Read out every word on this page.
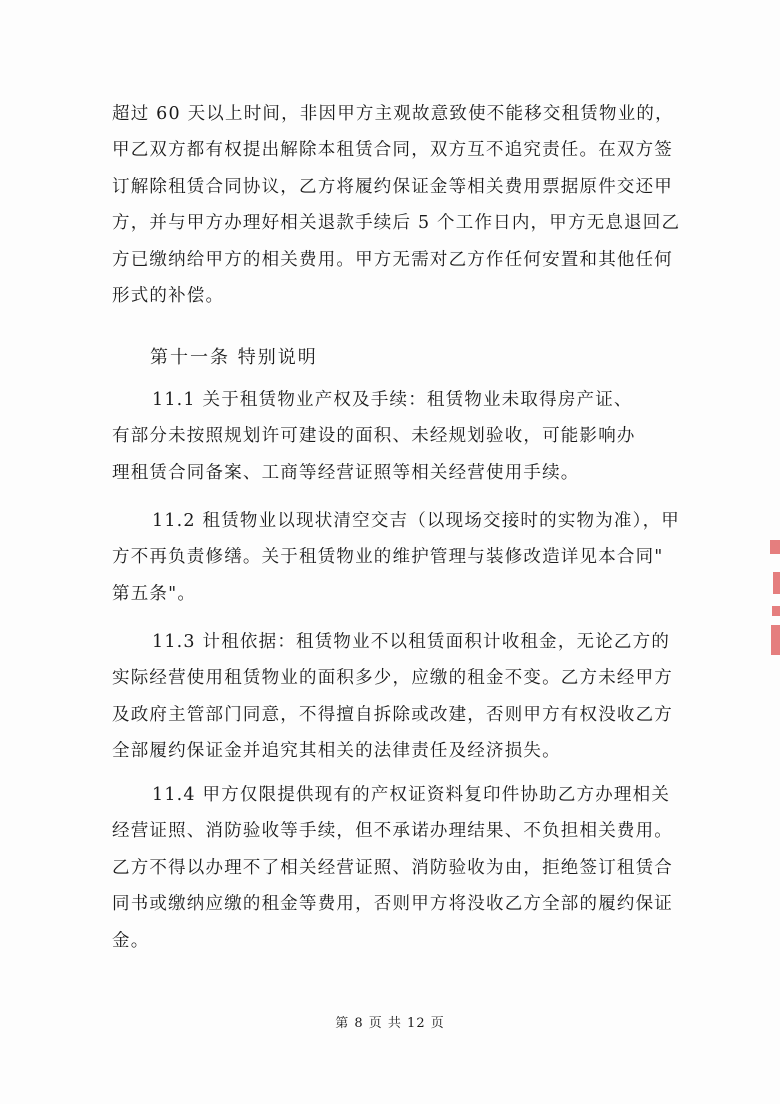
超过 60 天以上时间，非因甲方主观故意致使不能移交租赁物业的，
甲乙双方都有权提出解除本租赁合同，双方互不追究责任。在双方签
订解除租赁合同协议，乙方将履约保证金等相关费用票据原件交还甲
方，并与甲方办理好相关退款手续后 5 个工作日内，甲方无息退回乙
方已缴纳给甲方的相关费用。甲方无需对乙方作任何安置和其他任何
形式的补偿。
第十一条 特别说明
11.1 关于租赁物业产权及手续：租赁物业未取得房产证、
有部分未按照规划许可建设的面积、未经规划验收，可能影响办
理租赁合同备案、工商等经营证照等相关经营使用手续。
11.2 租赁物业以现状清空交吉（以现场交接时的实物为准），甲
方不再负责修缮。关于租赁物业的维护管理与装修改造详见本合同"
第五条"。
11.3 计租依据：租赁物业不以租赁面积计收租金，无论乙方的
实际经营使用租赁物业的面积多少，应缴的租金不变。乙方未经甲方
及政府主管部门同意，不得擅自拆除或改建，否则甲方有权没收乙方
全部履约保证金并追究其相关的法律责任及经济损失。
11.4 甲方仅限提供现有的产权证资料复印件协助乙方办理相关
经营证照、消防验收等手续，但不承诺办理结果、不负担相关费用。
乙方不得以办理不了相关经营证照、消防验收为由，拒绝签订租赁合
同书或缴纳应缴的租金等费用，否则甲方将没收乙方全部的履约保证
金。
第 8 页 共 12 页
